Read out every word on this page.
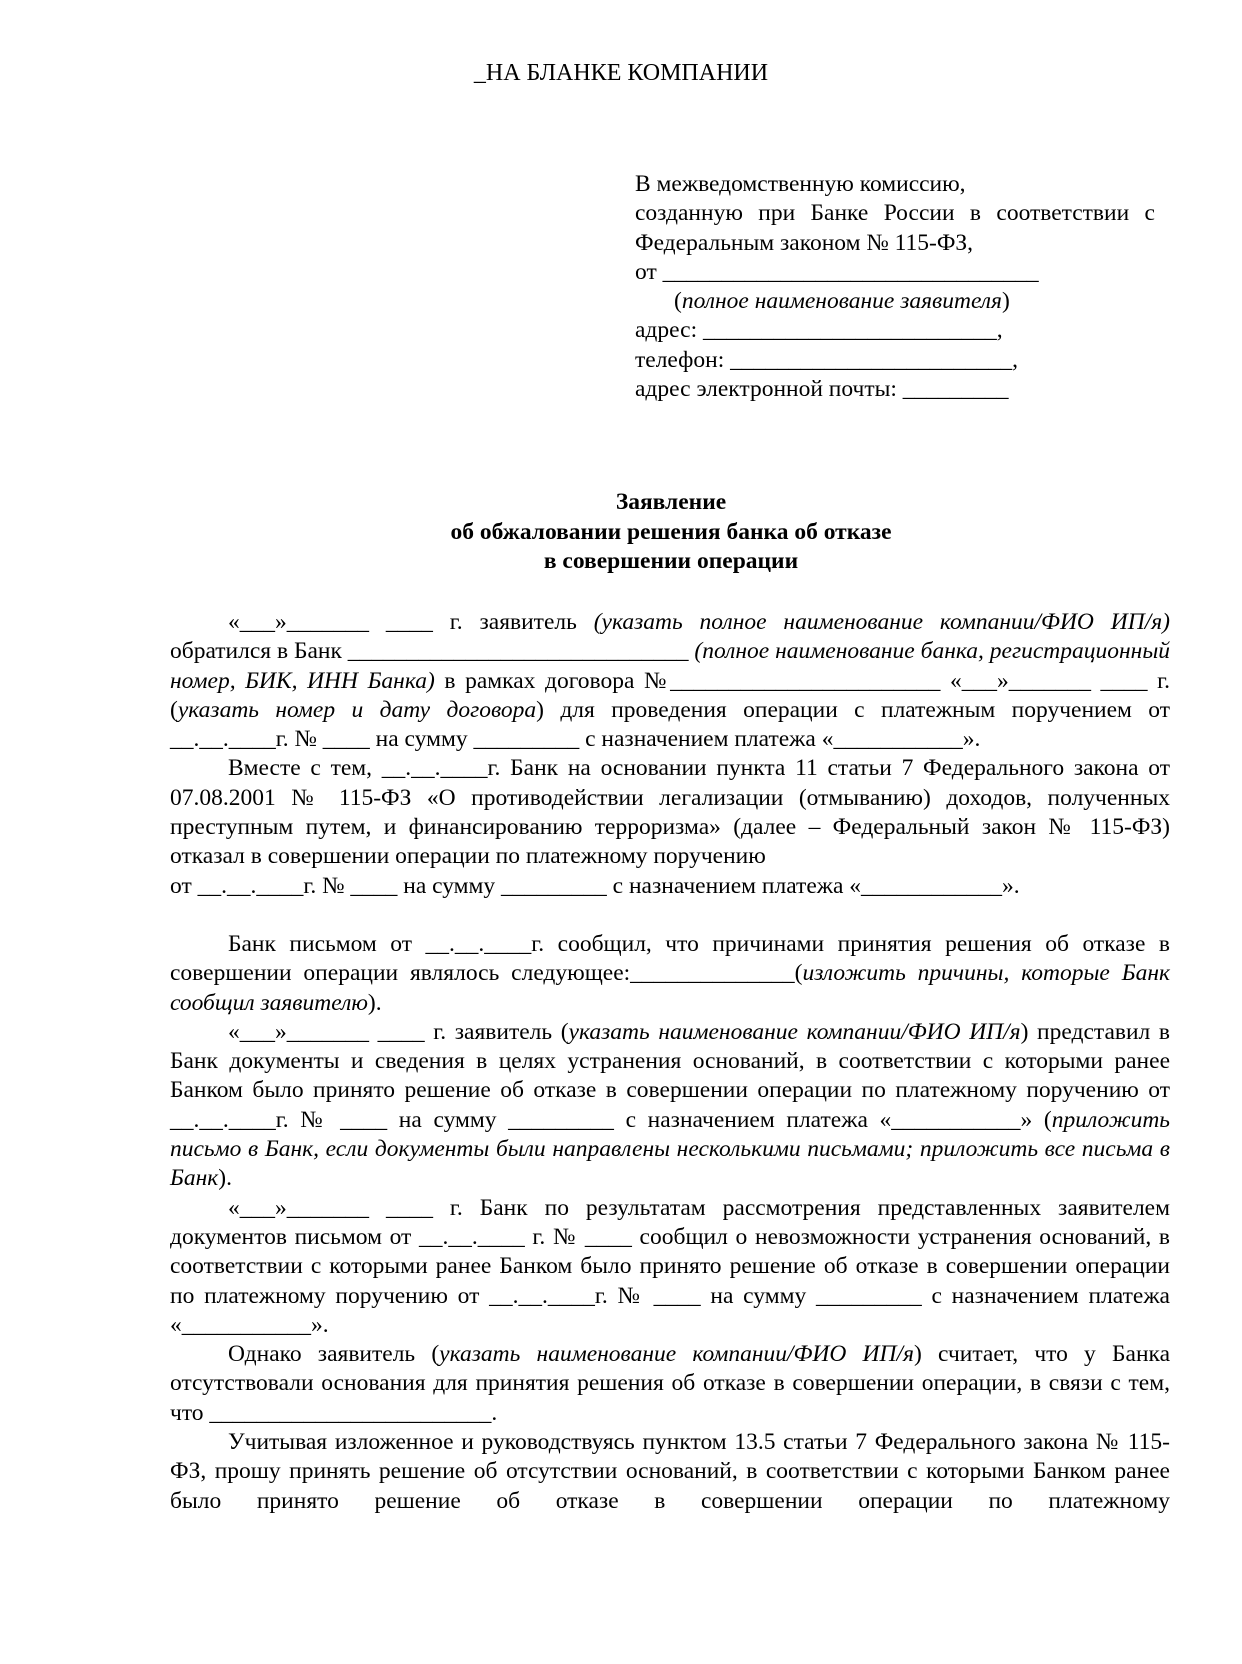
_НА БЛАНКЕ КОМПАНИИ

В межведомственную комиссию,
созданную при Банке России в соответствии с
Федеральным законом № 115-ФЗ,
от ________________________________
(полное наименование заявителя)
адрес: _________________________,
телефон: ________________________,
адрес электронной почты: _________
Заявление
об обжаловании решения банка об отказе
в совершении операции

«___»_______ ____ г. заявитель (указать полное наименование компании/ФИО ИП/я) обратился в Банк _____________________________ (полное наименование банка, регистрационный номер, БИК, ИНН Банка) в рамках договора №_______________________ «___»_______ ____ г. (указать номер и дату договора) для проведения операции с платежным поручением от __.__.____г. № ____ на сумму _________ с назначением платежа «___________».

Вместе с тем, __.__.____г. Банк на основании пункта 11 статьи 7 Федерального закона от 07.08.2001 № 115-ФЗ «О противодействии легализации (отмыванию) доходов, полученных преступным путем, и финансированию терроризма» (далее – Федеральный закон № 115-ФЗ) отказал в совершении операции по платежному поручению

от __.__.____г. № ____ на сумму _________ с назначением платежа «____________».

Банк письмом от __.__.____г. сообщил, что причинами принятия решения об отказе в совершении операции являлось следующее:______________(изложить причины, которые Банк сообщил заявителю).

«___»_______ ____ г. заявитель (указать наименование компании/ФИО ИП/я) представил в Банк документы и сведения в целях устранения оснований, в соответствии с которыми ранее Банком было принято решение об отказе в совершении операции по платежному поручению от __.__.____г. № ____ на сумму _________ с назначением платежа «___________» (приложить письмо в Банк, если документы были направлены несколькими письмами; приложить все письма в Банк).

«___»_______ ____ г. Банк по результатам рассмотрения представленных заявителем документов письмом от __.__.____ г. № ____ сообщил о невозможности устранения оснований, в соответствии с которыми ранее Банком было принято решение об отказе в совершении операции по платежному поручению от __.__.____г. № ____ на сумму _________ с назначением платежа «___________».

Однако заявитель (указать наименование компании/ФИО ИП/я) считает, что у Банка отсутствовали основания для принятия решения об отказе в совершении операции, в связи с тем, что ________________________.

Учитывая изложенное и руководствуясь пунктом 13.5 статьи 7 Федерального закона № 115-ФЗ, прошу принять решение об отсутствии оснований, в соответствии с которыми Банком ранее было принято решение об отказе в совершении операции по платежному
